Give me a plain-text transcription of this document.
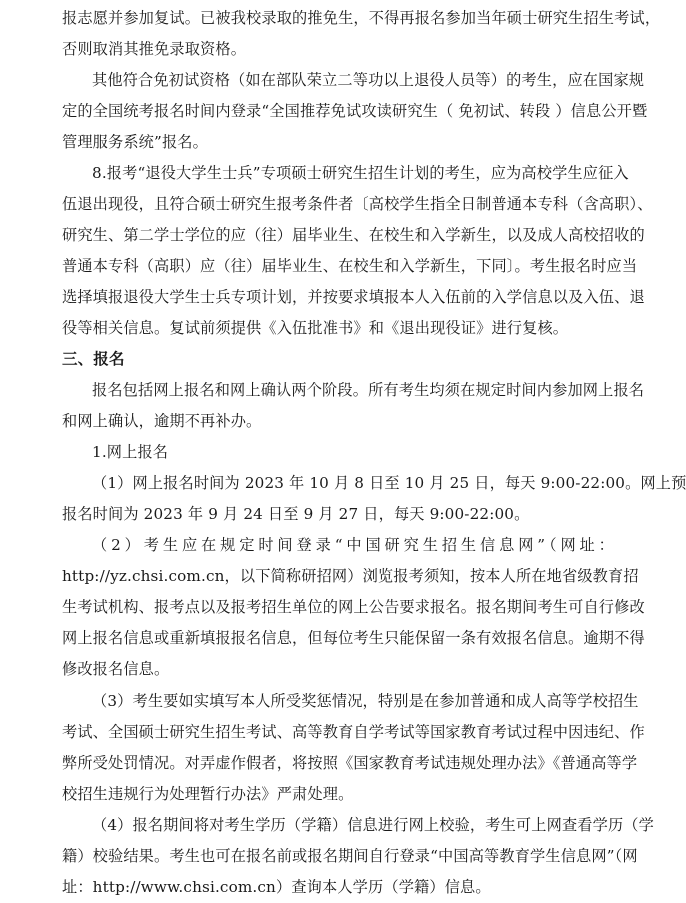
报志愿并参加复试。已被我校录取的推免生，不得再报名参加当年硕士研究生招生考试，
否则取消其推免录取资格。
其他符合免初试资格（如在部队荣立二等功以上退役人员等）的考生，应在国家规
定的全国统考报名时间内登录“全国推荐免试攻读研究生（ 免初试、转段 ）信息公开暨
管理服务系统”报名。
8.报考“退役大学生士兵”专项硕士研究生招生计划的考生，应为高校学生应征入
伍退出现役，且符合硕士研究生报考条件者〔高校学生指全日制普通本专科（含高职）、
研究生、第二学士学位的应（往）届毕业生、在校生和入学新生，以及成人高校招收的
普通本专科（高职）应（往）届毕业生、在校生和入学新生，下同〕。考生报名时应当
选择填报退役大学生士兵专项计划，并按要求填报本人入伍前的入学信息以及入伍、退
役等相关信息。复试前须提供《入伍批准书》和《退出现役证》进行复核。
三、报名
报名包括网上报名和网上确认两个阶段。所有考生均须在规定时间内参加网上报名
和网上确认，逾期不再补办。
1.网上报名
（1）网上报名时间为 2023 年 10 月 8 日至 10 月 25 日，每天 9:00-22:00。网上预
报名时间为 2023 年 9 月 24 日至 9 月 27 日，每天 9:00-22:00。
（2）考生应在规定时间登录“中国研究生招生信息网”（网址：
http://yz.chsi.com.cn，以下简称研招网）浏览报考须知，按本人所在地省级教育招
生考试机构、报考点以及报考招生单位的网上公告要求报名。报名期间考生可自行修改
网上报名信息或重新填报报名信息，但每位考生只能保留一条有效报名信息。逾期不得
修改报名信息。
（3）考生要如实填写本人所受奖惩情况，特别是在参加普通和成人高等学校招生
考试、全国硕士研究生招生考试、高等教育自学考试等国家教育考试过程中因违纪、作
弊所受处罚情况。对弄虚作假者，将按照《国家教育考试违规处理办法》《普通高等学
校招生违规行为处理暂行办法》严肃处理。
（4）报名期间将对考生学历（学籍）信息进行网上校验，考生可上网查看学历（学
籍）校验结果。考生也可在报名前或报名期间自行登录“中国高等教育学生信息网”（网
址：http://www.chsi.com.cn）查询本人学历（学籍）信息。
